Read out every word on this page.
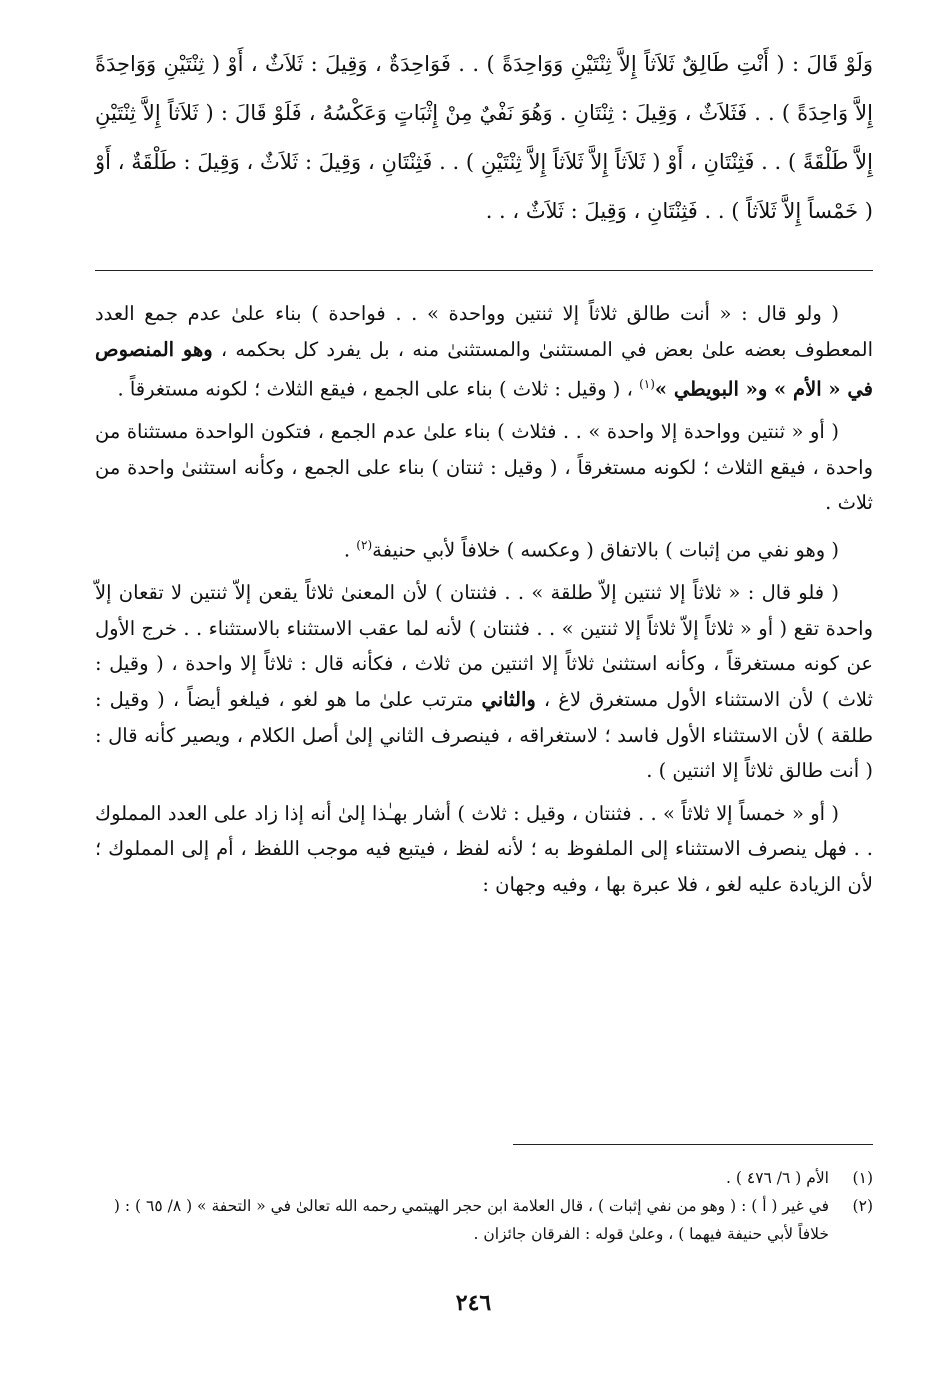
وَلَوْ قَالَ : ( أَنْتِ طَالِقٌ ثَلاَثاً إِلاَّ ثِنْتَيْنِ وَوَاحِدَةً ) . . فَوَاحِدَةٌ ، وَقِيلَ : ثَلاَثٌ ، أَوْ ( ثِنْتَيْنِ وَوَاحِدَةً إِلاَّ وَاحِدَةً ) . . فَثَلاَثٌ ، وَقِيلَ : ثِنْتَانِ . وَهُوَ نَفْيٌ مِنْ إِثْبَاتٍ وَعَكْسُهُ ، فَلَوْ قَالَ : ( ثَلاَثاً إِلاَّ ثِنْتَيْنِ إِلاَّ طَلْقَةً ) . . فَثِنْتَانِ ، أَوْ ( ثَلاَثاً إِلاَّ ثَلاَثاً إِلاَّ ثِنْتَيْنِ ) . . فَثِنْتَانِ ، وَقِيلَ : ثَلاَثٌ ، وَقِيلَ : طَلْقَةٌ ، أَوْ ( خَمْساً إِلاَّ ثَلاَثاً ) . . فَثِنْتَانِ ، وَقِيلَ : ثَلاَثٌ ، . .

( ولو قال : « أنت طالق ثلاثاً إلا ثنتين وواحدة » . . فواحدة ) بناء علىٰ عدم جمع العدد المعطوف بعضه علىٰ بعض في المستثنىٰ والمستثنىٰ منه ، بل يفرد كل بحكمه ، وهو المنصوص في « الأم » و« البويطي »$^{(١)}$ ، ( وقيل : ثلاث ) بناء على الجمع ، فيقع الثلاث ؛ لكونه مستغرقاً .

( أو « ثنتين وواحدة إلا واحدة » . . فثلاث ) بناء علىٰ عدم الجمع ، فتكون الواحدة مستثناة من واحدة ، فيقع الثلاث ؛ لكونه مستغرقاً ، ( وقيل : ثنتان ) بناء على الجمع ، وكأنه استثنىٰ واحدة من ثلاث .

( وهو نفي من إثبات ) بالاتفاق ( وعكسه ) خلافاً لأبي حنيفة$^{(٢)}$ .

( فلو قال : « ثلاثاً إلا ثنتين إلاّ طلقة » . . فثنتان ) لأن المعنىٰ ثلاثاً يقعن إلاّ ثنتين لا تقعان إلاّ واحدة تقع ( أو « ثلاثاً إلاّ ثلاثاً إلا ثنتين » . . فثنتان ) لأنه لما عقب الاستثناء بالاستثناء . . خرج الأول عن كونه مستغرقاً ، وكأنه استثنىٰ ثلاثاً إلا اثنتين من ثلاث ، فكأنه قال : ثلاثاً إلا واحدة ، ( وقيل : ثلاث ) لأن الاستثناء الأول مستغرق لاغ ، والثاني مترتب علىٰ ما هو لغو ، فيلغو أيضاً ، ( وقيل : طلقة ) لأن الاستثناء الأول فاسد ؛ لاستغراقه ، فينصرف الثاني إلىٰ أصل الكلام ، ويصير كأنه قال : ( أنت طالق ثلاثاً إلا اثنتين ) .

( أو « خمساً إلا ثلاثاً » . . فثنتان ، وقيل : ثلاث ) أشار بهـٰذا إلىٰ أنه إذا زاد على العدد المملوك . . فهل ينصرف الاستثناء إلى الملفوظ به ؛ لأنه لفظ ، فيتبع فيه موجب اللفظ ، أم إلى المملوك ؛ لأن الزيادة عليه لغو ، فلا عبرة بها ، وفيه وجهان :

(١)
الأم ( ٦/ ٤٧٦ ) .
(٢)
في غير ( أ ) : ( وهو من نفي إثبات ) ، قال العلامة ابن حجر الهيتمي رحمه الله تعالىٰ في « التحفة » ( ٨/ ٦٥ ) : ( خلافاً لأبي حنيفة فيهما ) ، وعلىٰ قوله : الفرقان جائزان .
٢٤٦
